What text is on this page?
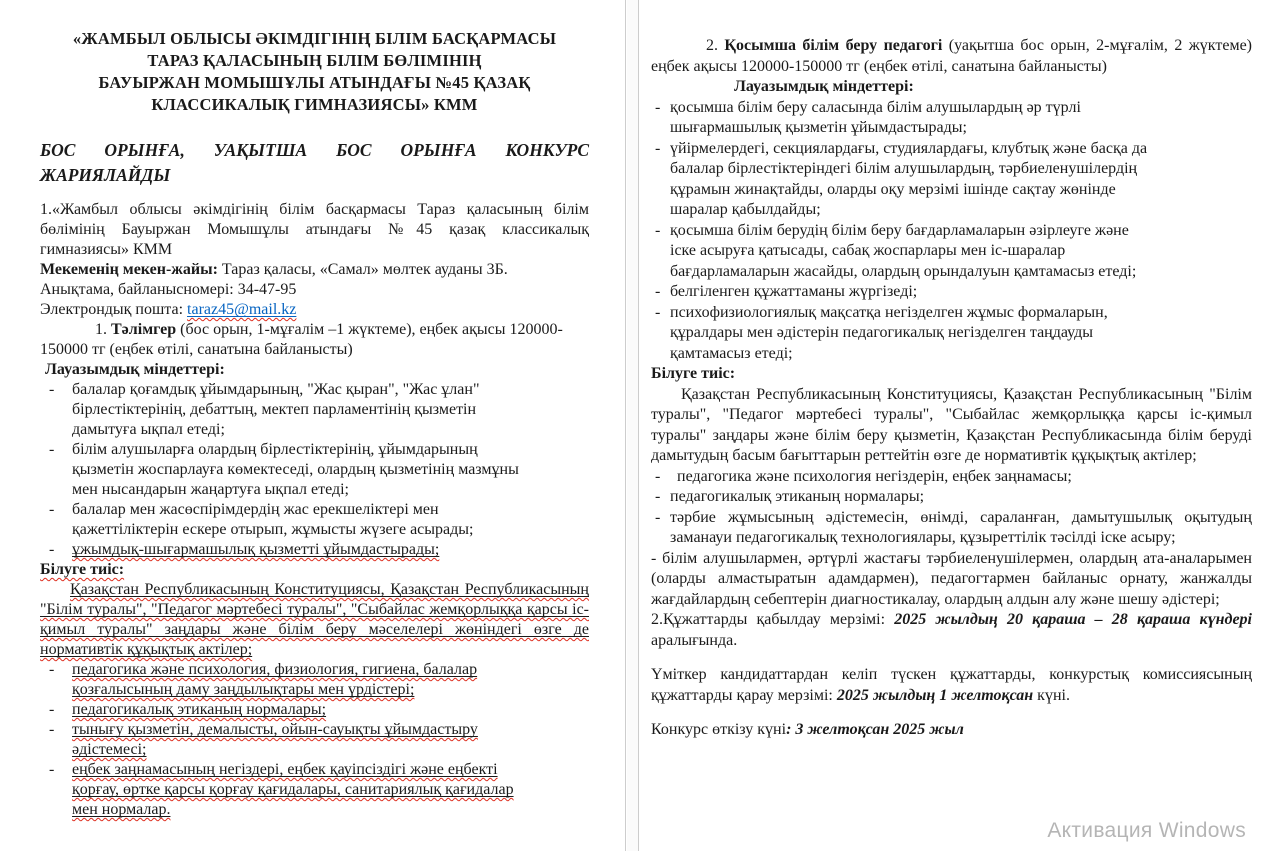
«ЖАМБЫЛ ОБЛЫСЫ ӘКІМДІГІНІҢ БІЛІМ БАСҚАРМАСЫ
ТАРАЗ ҚАЛАСЫНЫҢ БІЛІМ БӨЛІМІНІҢ
БАУЫРЖАН МОМЫШҰЛЫ АТЫНДАҒЫ №45 ҚАЗАҚ
КЛАССИКАЛЫҚ ГИМНАЗИЯСЫ» КММ
БОС ОРЫНҒА, УАҚЫТША БОС ОРЫНҒА КОНКУРС
ЖАРИЯЛАЙДЫ

1.«Жамбыл облысы әкімдігінің білім басқармасы Тараз қаласының білім бөлімінің Бауыржан Момышұлы атындағы №45 қазақ классикалық гимназиясы» КММ

Мекеменің мекен-жайы: Тараз қаласы, «Самал» мөлтек ауданы 3Б.

Анықтама, байланысномері: 34-47-95

Электрондық пошта: taraz45@mail.kz

1. Тәлімгер (бос орын, 1-мұғалім –1 жүктеме), еңбек ақысы 120000-150000 тг (еңбек өтілі, санатына байланысты)

Лауазымдық міндеттері:

- балалар қоғамдық ұйымдарының, "Жас қыран", "Жас ұлан" бірлестіктерінің, дебаттың, мектеп парламентінің қызметін дамытуға ықпал етеді;
- білім алушыларға олардың бірлестіктерінің, ұйымдарының қызметін жоспарлауға көмектеседі, олардың қызметінің мазмұны мен нысандарын жаңартуға ықпал етеді;
- балалар мен жасөспірімдердің жас ерекшеліктері мен қажеттіліктерін ескере отырып, жұмысты жүзеге асырады;
- ұжымдық-шығармашылық қызметті ұйымдастырады;

Білуге тиіс:

Қазақстан Республикасының Конституциясы, Қазақстан Республикасының "Білім туралы", "Педагог мәртебесі туралы", "Сыбайлас жемқорлыққа қарсы іс-қимыл туралы" заңдары және білім беру мәселелері жөніндегі өзге де нормативтік құқықтық актілер;

- педагогика және психология, физиология, гигиена, балалар қозғалысының даму заңдылықтары мен үрдістері;
- педагогикалық этиканың нормалары;
- тынығу қызметін, демалысты, ойын-сауықты ұйымдастыру әдістемесі;
- еңбек заңнамасының негіздері, еңбек қауіпсіздігі және еңбекті қорғау, өртке қарсы қорғау қағидалары, санитариялық қағидалар мен нормалар.

2. Қосымша білім беру педагогі (уақытша бос орын, 2-мұғалім, 2 жүктеме) еңбек ақысы 120000-150000 тг (еңбек өтілі, санатына байланысты)

Лауазымдық міндеттері:

- қосымша білім беру саласында білім алушылардың әр түрлі шығармашылық қызметін ұйымдастырады;
- үйірмелердегі, секциялардағы, студиялардағы, клубтық және басқа да балалар бірлестіктеріндегі білім алушылардың, тәрбиеленушілердің құрамын жинақтайды, оларды оқу мерзімі ішінде сақтау жөнінде шаралар қабылдайды;
- қосымша білім берудің білім беру бағдарламаларын әзірлеуге және іске асыруға қатысады, сабақ жоспарлары мен іс-шаралар бағдарламаларын жасайды, олардың орындалуын қамтамасыз етеді;
- белгіленген құжаттаманы жүргізеді;
- психофизиологиялық мақсатқа негізделген жұмыс формаларын, құралдары мен әдістерін педагогикалық негізделген таңдауды қамтамасыз етеді;

Білуге тиіс:

Қазақстан Республикасының Конституциясы, Қазақстан Республикасының "Білім туралы", "Педагог мәртебесі туралы", "Сыбайлас жемқорлыққа қарсы іс-қимыл туралы" заңдары және білім беру қызметін, Қазақстан Республикасында білім беруді дамытудың басым бағыттарын реттейтін өзге де нормативтік құқықтық актілер;

- педагогика және психология негіздерін, еңбек заңнамасы;
- педагогикалық этиканың нормалары;
- тәрбие жұмысының әдістемесін, өнімді, сараланған, дамытушылық оқытудың заманауи педагогикалық технологиялары, құзыреттілік тәсілді іске асыру;

- білім алушылармен, әртүрлі жастағы тәрбиеленушілермен, олардың ата-аналарымен (оларды алмастыратын адамдармен), педагогтармен байланыс орнату, жанжалды жағдайлардың себептерін диагностикалау, олардың алдын алу және шешу әдістері;

2.Құжаттарды қабылдау мерзімі: 2025 жылдың 20 қараша – 28 қараша күндері аралығында.

Үміткер кандидаттардан келіп түскен құжаттарды, конкурстық комиссиясының құжаттарды қарау мерзімі: 2025 жылдың 1 желтоқсан күні.

Конкурс өткізу күні: 3 желтоқсан 2025 жыл

Активация Windows
